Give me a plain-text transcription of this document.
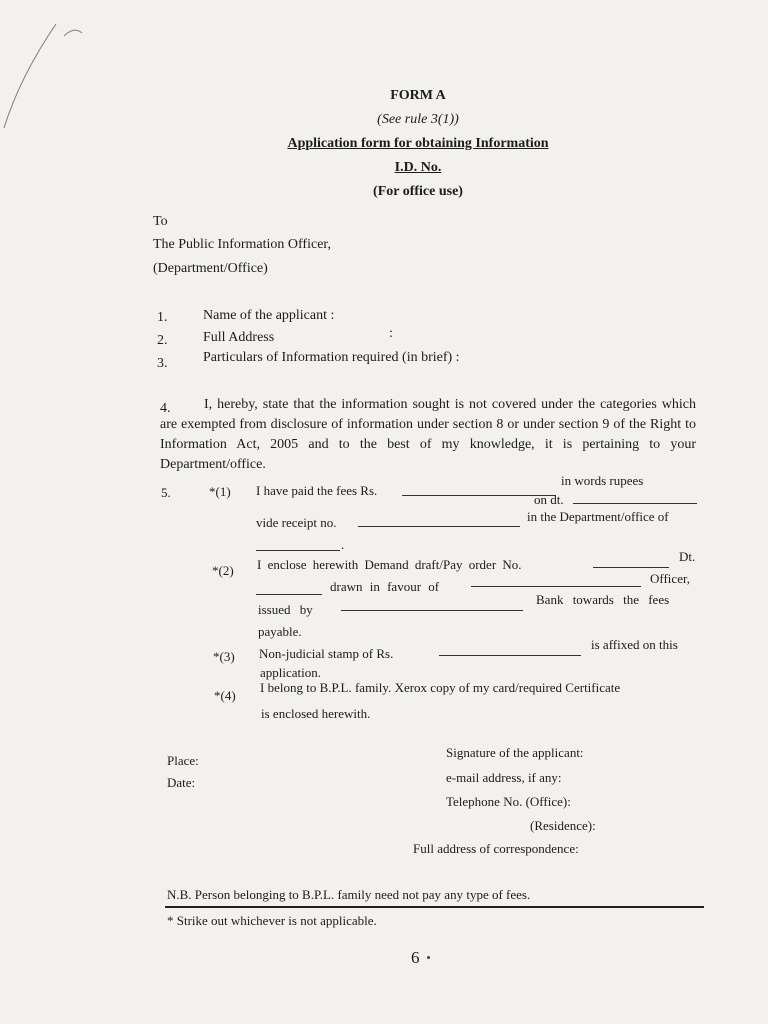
FORM A
(See rule 3(1))
Application form for obtaining Information
I.D. No.
(For office use)
To
The Public Information Officer,
(Department/Office)
1.	Name of the applicant :
2.	Full Address	:
3.	Particulars of Information required (in brief) :
4.	I, hereby, state that the information sought is not covered under the categories which are exempted from disclosure of information under section 8 or under section 9 of the Right to Information Act, 2005 and to the best of my knowledge, it is pertaining to your Department/office.
5.	*(1) I have paid the fees Rs.
in words rupees
on dt.
vide receipt no.	in the Department/office of
.
*(2) I enclose herewith Demand draft/Pay order No.
Dt.
drawn in favour of
Officer,
issued by
Bank towards the fees
payable.
*(3) Non-judicial stamp of Rs.
is affixed on this
application.
*(4)
I belong to B.P.L. family. Xerox copy of my card/required Certificate
is enclosed herewith.
Place:
Date:
Signature of the applicant:
e-mail address, if any:
Telephone No. (Office):
(Residence):
Full address of correspondence:
N.B. Person belonging to B.P.L. family need not pay any type of fees.
* Strike out whichever is not applicable.
6
